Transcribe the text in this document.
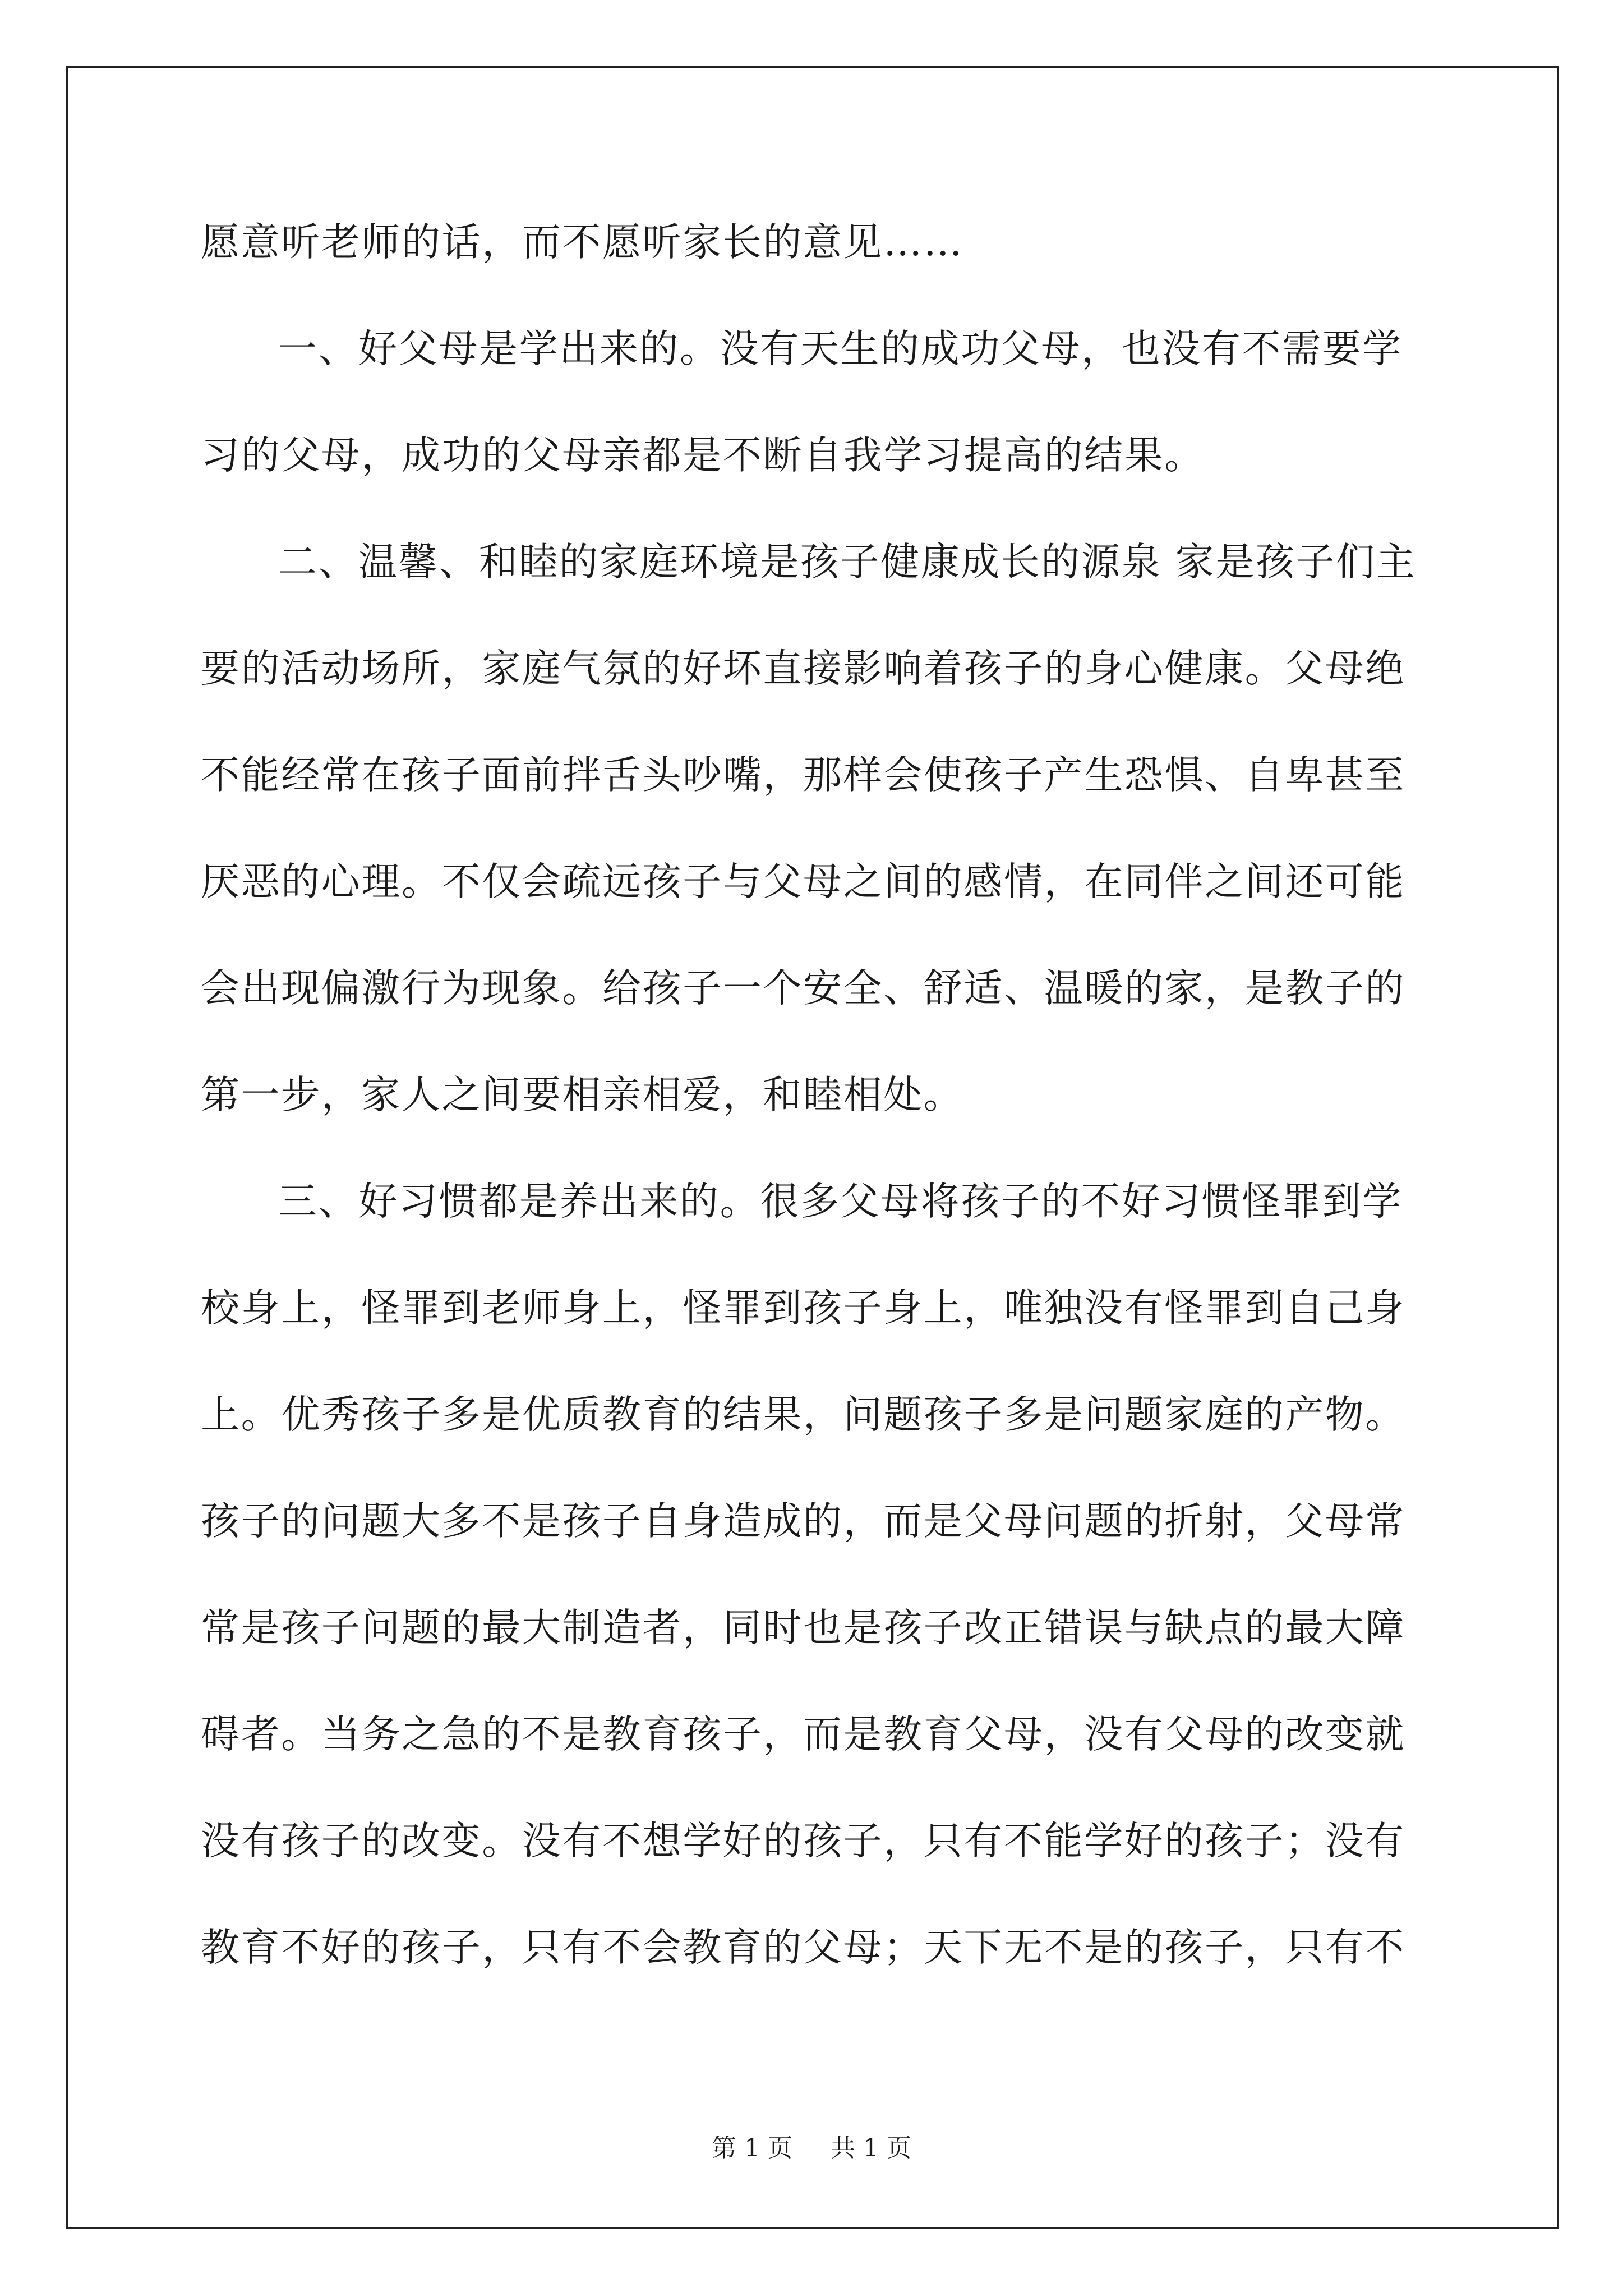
愿意听老师的话，而不愿听家长的意见……
一、好父母是学出来的。没有天生的成功父母，也没有不需要学
习的父母，成功的父母亲都是不断自我学习提高的结果。
二、温馨、和睦的家庭环境是孩子健康成长的源泉 家是孩子们主
要的活动场所，家庭气氛的好坏直接影响着孩子的身心健康。父母绝
不能经常在孩子面前拌舌头吵嘴，那样会使孩子产生恐惧、自卑甚至
厌恶的心理。不仅会疏远孩子与父母之间的感情，在同伴之间还可能
会出现偏激行为现象。给孩子一个安全、舒适、温暖的家，是教子的
第一步，家人之间要相亲相爱，和睦相处。
三、好习惯都是养出来的。很多父母将孩子的不好习惯怪罪到学
校身上，怪罪到老师身上，怪罪到孩子身上，唯独没有怪罪到自己身
上。优秀孩子多是优质教育的结果，问题孩子多是问题家庭的产物。
孩子的问题大多不是孩子自身造成的，而是父母问题的折射，父母常
常是孩子问题的最大制造者，同时也是孩子改正错误与缺点的最大障
碍者。当务之急的不是教育孩子，而是教育父母，没有父母的改变就
没有孩子的改变。没有不想学好的孩子，只有不能学好的孩子；没有
教育不好的孩子，只有不会教育的父母；天下无不是的孩子，只有不
第 1 页 共 1 页
